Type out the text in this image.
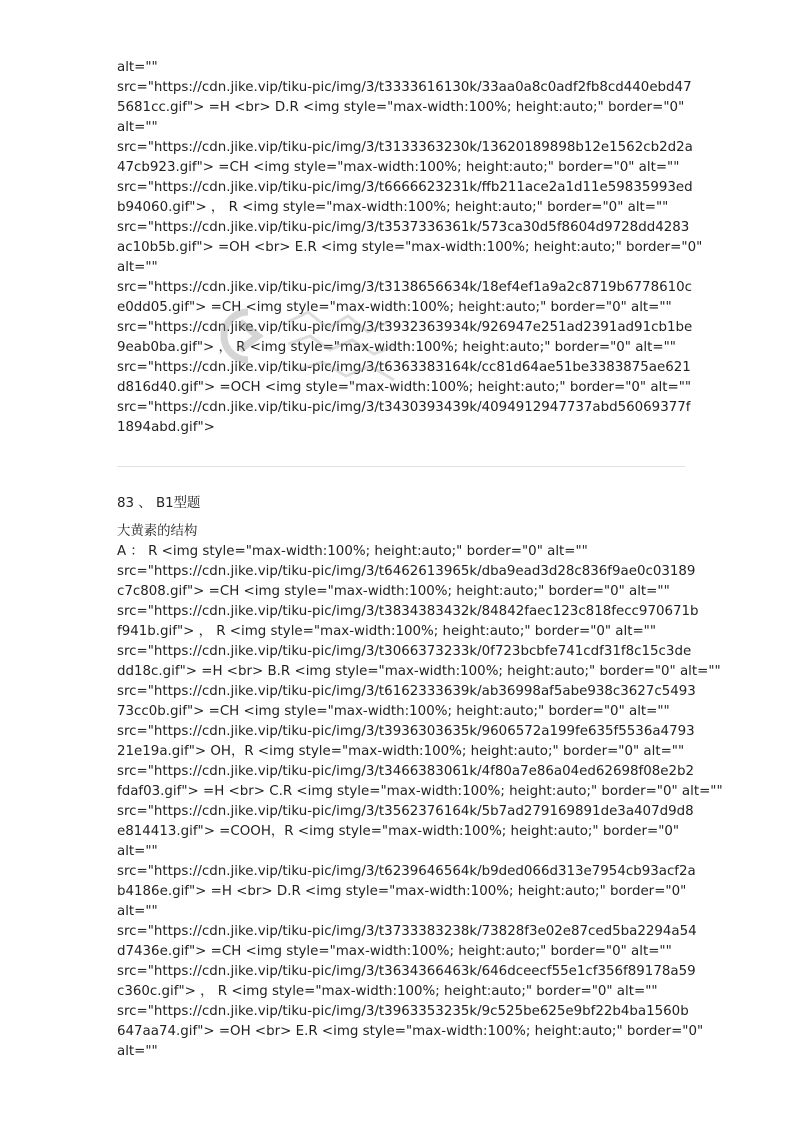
alt=""
src="https://cdn.jike.vip/tiku-pic/img/3/t3333616130k/33aa0a8c0adf2fb8cd440ebd47
5681cc.gif"> =H <br> D.R <img style="max-width:100%; height:auto;" border="0"
alt=""
src="https://cdn.jike.vip/tiku-pic/img/3/t3133363230k/13620189898b12e1562cb2d2a
47cb923.gif"> =CH <img style="max-width:100%; height:auto;" border="0" alt=""
src="https://cdn.jike.vip/tiku-pic/img/3/t6666623231k/ffb211ace2a1d11e59835993ed
b94060.gif"> ， R <img style="max-width:100%; height:auto;" border="0" alt=""
src="https://cdn.jike.vip/tiku-pic/img/3/t3537336361k/573ca30d5f8604d9728dd4283
ac10b5b.gif"> =OH <br> E.R <img style="max-width:100%; height:auto;" border="0"
alt=""
src="https://cdn.jike.vip/tiku-pic/img/3/t3138656634k/18ef4ef1a9a2c8719b6778610c
e0dd05.gif"> =CH <img style="max-width:100%; height:auto;" border="0" alt=""
src="https://cdn.jike.vip/tiku-pic/img/3/t3932363934k/926947e251ad2391ad91cb1be
9eab0ba.gif"> ， R <img style="max-width:100%; height:auto;" border="0" alt=""
src="https://cdn.jike.vip/tiku-pic/img/3/t6363383164k/cc81d64ae51be3383875ae621
d816d40.gif"> =OCH <img style="max-width:100%; height:auto;" border="0" alt=""
src="https://cdn.jike.vip/tiku-pic/img/3/t3430393439k/4094912947737abd56069377f
1894abd.gif">
83 、 B1型题
大黄素的结构
A ： R <img style="max-width:100%; height:auto;" border="0" alt=""
src="https://cdn.jike.vip/tiku-pic/img/3/t6462613965k/dba9ead3d28c836f9ae0c03189
c7c808.gif"> =CH <img style="max-width:100%; height:auto;" border="0" alt=""
src="https://cdn.jike.vip/tiku-pic/img/3/t3834383432k/84842faec123c818fecc970671b
f941b.gif"> ， R <img style="max-width:100%; height:auto;" border="0" alt=""
src="https://cdn.jike.vip/tiku-pic/img/3/t3066373233k/0f723bcbfe741cdf31f8c15c3de
dd18c.gif"> =H <br> B.R <img style="max-width:100%; height:auto;" border="0" alt=""
src="https://cdn.jike.vip/tiku-pic/img/3/t6162333639k/ab36998af5abe938c3627c5493
73cc0b.gif"> =CH <img style="max-width:100%; height:auto;" border="0" alt=""
src="https://cdn.jike.vip/tiku-pic/img/3/t3936303635k/9606572a199fe635f5536a4793
21e19a.gif"> OH，R <img style="max-width:100%; height:auto;" border="0" alt=""
src="https://cdn.jike.vip/tiku-pic/img/3/t3466383061k/4f80a7e86a04ed62698f08e2b2
fdaf03.gif"> =H <br> C.R <img style="max-width:100%; height:auto;" border="0" alt=""
src="https://cdn.jike.vip/tiku-pic/img/3/t3562376164k/5b7ad279169891de3a407d9d8
e814413.gif"> =COOH，R <img style="max-width:100%; height:auto;" border="0"
alt=""
src="https://cdn.jike.vip/tiku-pic/img/3/t6239646564k/b9ded066d313e7954cb93acf2a
b4186e.gif"> =H <br> D.R <img style="max-width:100%; height:auto;" border="0"
alt=""
src="https://cdn.jike.vip/tiku-pic/img/3/t3733383238k/73828f3e02e87ced5ba2294a54
d7436e.gif"> =CH <img style="max-width:100%; height:auto;" border="0" alt=""
src="https://cdn.jike.vip/tiku-pic/img/3/t3634366463k/646dceecf55e1cf356f89178a59
c360c.gif"> ， R <img style="max-width:100%; height:auto;" border="0" alt=""
src="https://cdn.jike.vip/tiku-pic/img/3/t3963353235k/9c525be625e9bf22b4ba1560b
647aa74.gif"> =OH <br> E.R <img style="max-width:100%; height:auto;" border="0"
alt=""
